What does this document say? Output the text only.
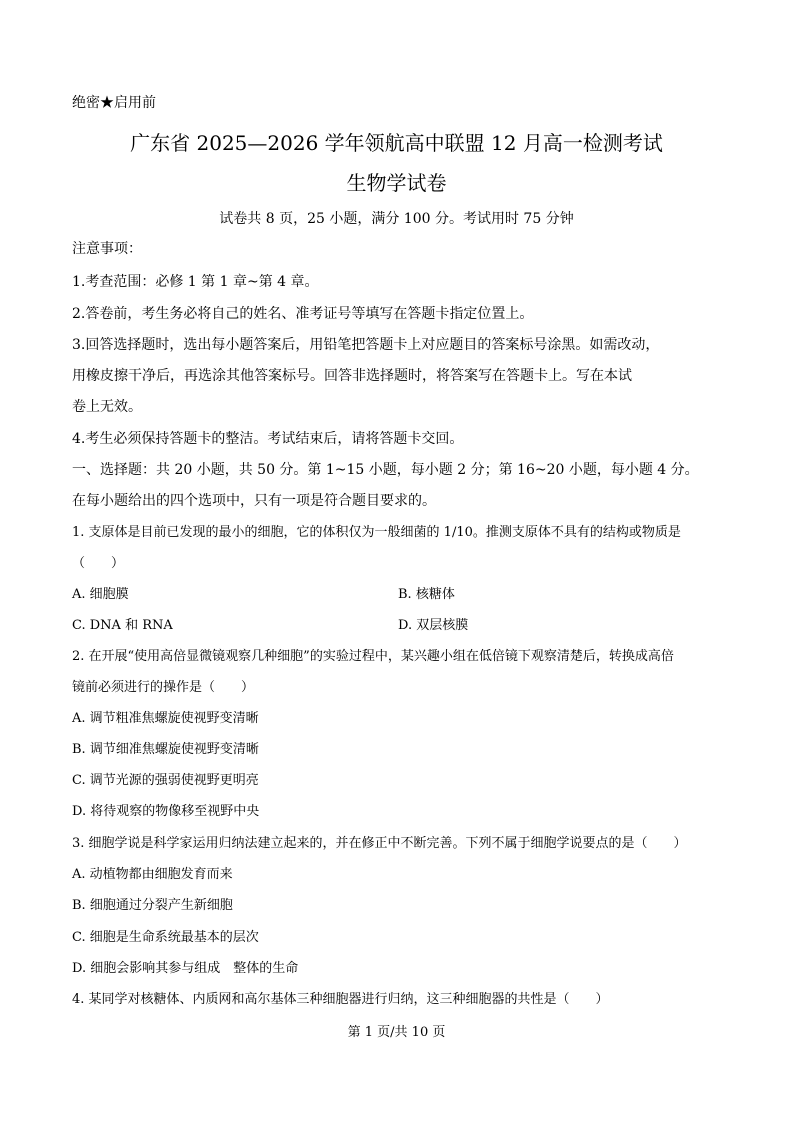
绝密★启用前
广东省 2025—2026 学年领航高中联盟 12 月高一检测考试
生物学试卷
试卷共 8 页，25 小题，满分 100 分。考试用时 75 分钟
注意事项：
1.考查范围：必修 1 第 1 章~第 4 章。
2.答卷前，考生务必将自己的姓名、准考证号等填写在答题卡指定位置上。
3.回答选择题时，选出每小题答案后，用铅笔把答题卡上对应题目的答案标号涂黑。如需改动，
用橡皮擦干净后，再选涂其他答案标号。回答非选择题时，将答案写在答题卡上。写在本试
卷上无效。
4.考生必须保持答题卡的整洁。考试结束后，请将答题卡交回。
一、选择题：共 20 小题，共 50 分。第 1~15 小题，每小题 2 分；第 16~20 小题，每小题 4 分。
在每小题给出的四个选项中，只有一项是符合题目要求的。
1. 支原体是目前已发现的最小的细胞，它的体积仅为一般细菌的 1/10。推测支原体不具有的结构或物质是
（　　）
A. 细胞膜	B. 核糖体
C. DNA 和 RNA	D. 双层核膜
2. 在开展“使用高倍显微镜观察几种细胞”的实验过程中，某兴趣小组在低倍镜下观察清楚后，转换成高倍
镜前必须进行的操作是（　　）
A. 调节粗准焦螺旋使视野变清晰
B. 调节细准焦螺旋使视野变清晰
C. 调节光源的强弱使视野更明亮
D. 将待观察的物像移至视野中央
3. 细胞学说是科学家运用归纳法建立起来的，并在修正中不断完善。下列不属于细胞学说要点的是（　　）
A. 动植物都由细胞发育而来
B. 细胞通过分裂产生新细胞
C. 细胞是生命系统最基本的层次
D. 细胞会影响其参与组成　整体的生命
4. 某同学对核糖体、内质网和高尔基体三种细胞器进行归纳，这三种细胞器的共性是（　　）
第 1 页/共 10 页
